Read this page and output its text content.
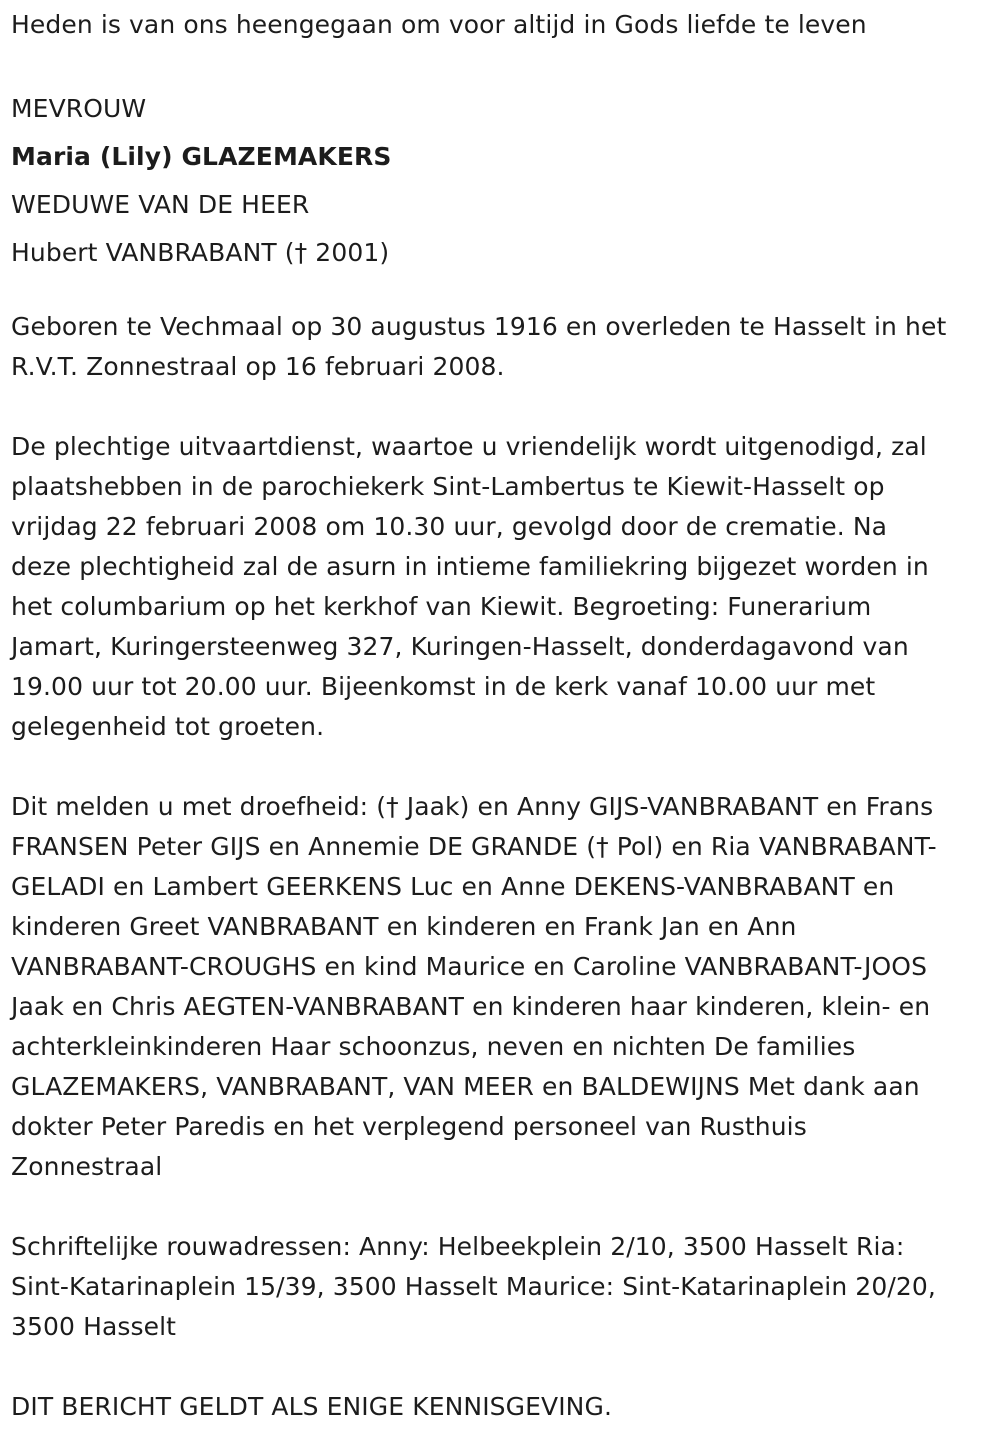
Heden is van ons heengegaan om voor altijd in Gods liefde te leven
MEVROUW
Maria (Lily) GLAZEMAKERS
WEDUWE VAN DE HEER
Hubert VANBRABANT († 2001)
Geboren te Vechmaal op 30 augustus 1916 en overleden te Hasselt in het
R.V.T. Zonnestraal op 16 februari 2008.
De plechtige uitvaartdienst, waartoe u vriendelijk wordt uitgenodigd, zal
plaatshebben in de parochiekerk Sint-Lambertus te Kiewit-Hasselt op
vrijdag 22 februari 2008 om 10.30 uur, gevolgd door de crematie. Na
deze plechtigheid zal de asurn in intieme familiekring bijgezet worden in
het columbarium op het kerkhof van Kiewit. Begroeting: Funerarium
Jamart, Kuringersteenweg 327, Kuringen-Hasselt, donderdagavond van
19.00 uur tot 20.00 uur. Bijeenkomst in de kerk vanaf 10.00 uur met
gelegenheid tot groeten.
Dit melden u met droefheid: († Jaak) en Anny GIJS-VANBRABANT en Frans
FRANSEN Peter GIJS en Annemie DE GRANDE († Pol) en Ria VANBRABANT-
GELADI en Lambert GEERKENS Luc en Anne DEKENS-VANBRABANT en
kinderen Greet VANBRABANT en kinderen en Frank Jan en Ann
VANBRABANT-CROUGHS en kind Maurice en Caroline VANBRABANT-JOOS
Jaak en Chris AEGTEN-VANBRABANT en kinderen haar kinderen, klein- en
achterkleinkinderen Haar schoonzus, neven en nichten De families
GLAZEMAKERS, VANBRABANT, VAN MEER en BALDEWIJNS Met dank aan
dokter Peter Paredis en het verplegend personeel van Rusthuis
Zonnestraal
Schriftelijke rouwadressen: Anny: Helbeekplein 2/10, 3500 Hasselt Ria:
Sint-Katarinaplein 15/39, 3500 Hasselt Maurice: Sint-Katarinaplein 20/20,
3500 Hasselt
DIT BERICHT GELDT ALS ENIGE KENNISGEVING.
